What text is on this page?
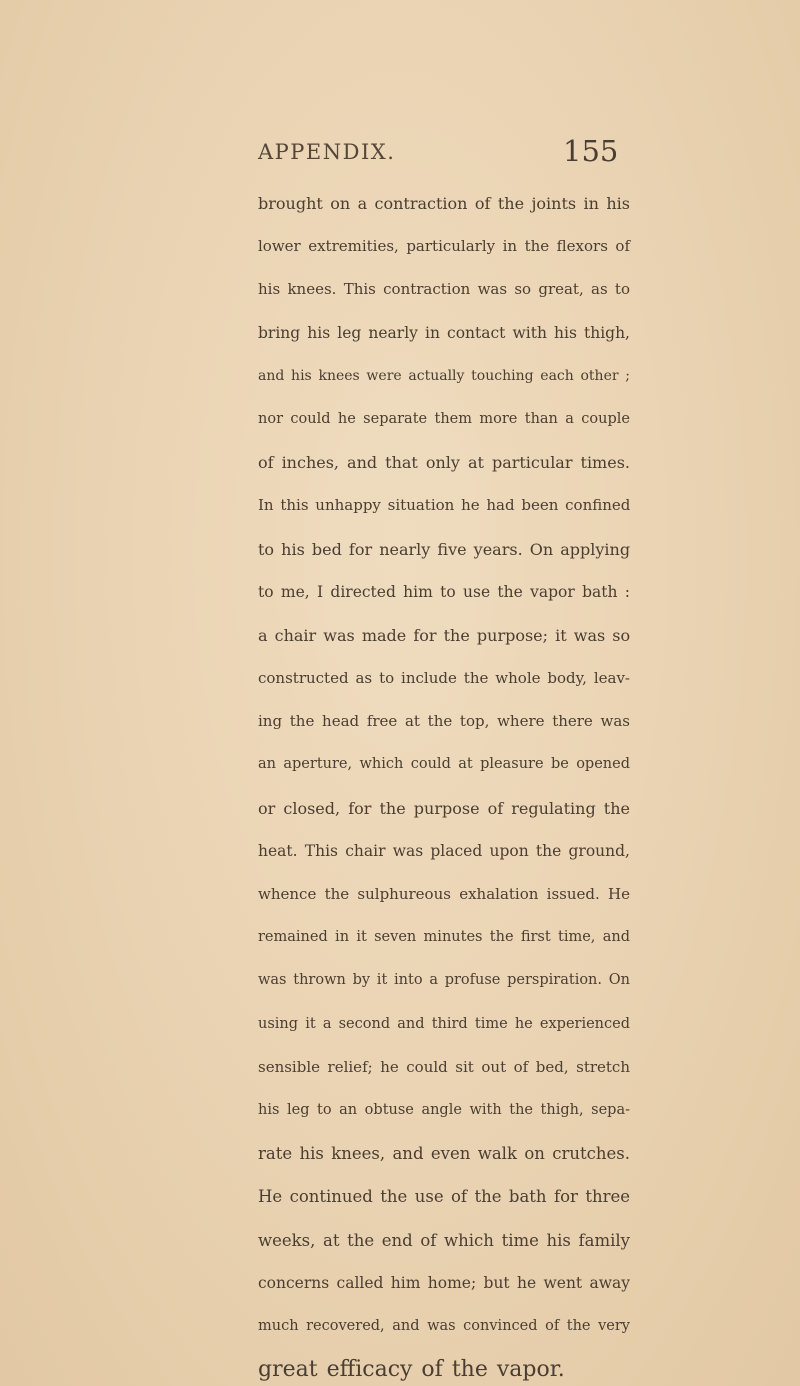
APPENDIX.	155
brought on a contraction of the joints in his
lower extremities, particularly in the flexors of
his knees. This contraction was so great, as to
bring his leg nearly in contact with his thigh,
and his knees were actually touching each other ;
nor could he separate them more than a couple
of inches, and that only at particular times.
In this unhappy situation he had been confined
to his bed for nearly five years. On applying
to me, I directed him to use the vapor bath :
a chair was made for the purpose; it was so
constructed as to include the whole body, leav-
ing the head free at the top, where there was
an aperture, which could at pleasure be opened
or closed, for the purpose of regulating the
heat. This chair was placed upon the ground,
whence the sulphureous exhalation issued. He
remained in it seven minutes the first time, and
was thrown by it into a profuse perspiration. On
using it a second and third time he experienced
sensible relief; he could sit out of bed, stretch
his leg to an obtuse angle with the thigh, sepa-
rate his knees, and even walk on crutches.
He continued the use of the bath for three
weeks, at the end of which time his family
concerns called him home; but he went away
much recovered, and was convinced of the very
great efficacy of the vapor.
